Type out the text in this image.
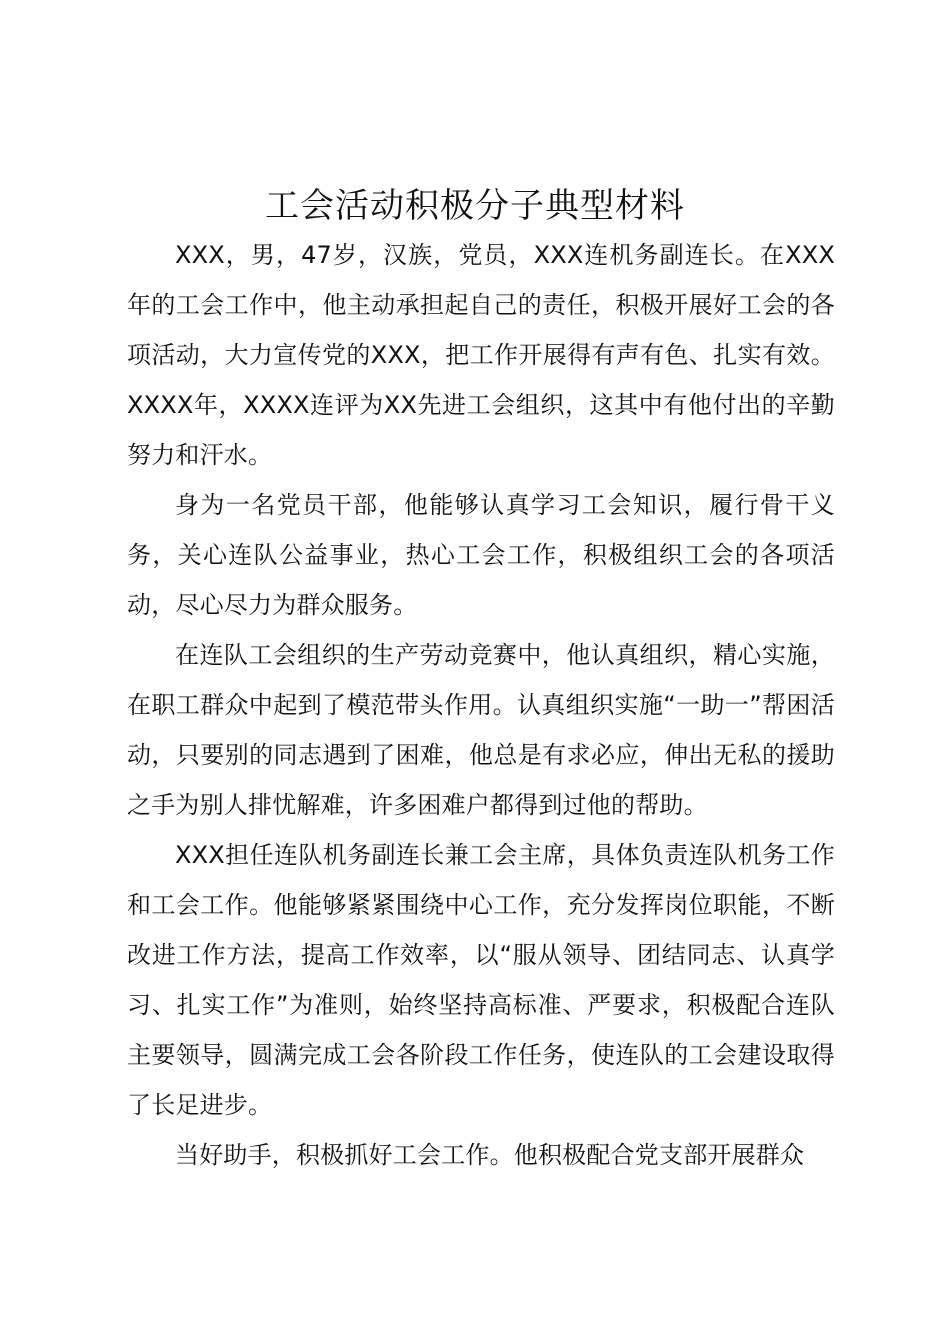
工会活动积极分子典型材料

XXX，男，47岁，汉族，党员，XXX连机务副连长。在XXX年的工会工作中，他主动承担起自己的责任，积极开展好工会的各项活动，大力宣传党的XXX，把工作开展得有声有色、扎实有效。XXXX年，XXXX连评为XX先进工会组织，这其中有他付出的辛勤努力和汗水。

身为一名党员干部，他能够认真学习工会知识，履行骨干义务，关心连队公益事业，热心工会工作，积极组织工会的各项活动，尽心尽力为群众服务。

在连队工会组织的生产劳动竞赛中，他认真组织，精心实施，在职工群众中起到了模范带头作用。认真组织实施“一助一”帮困活动，只要别的同志遇到了困难，他总是有求必应，伸出无私的援助之手为别人排忧解难，许多困难户都得到过他的帮助。

XXX担任连队机务副连长兼工会主席，具体负责连队机务工作和工会工作。他能够紧紧围绕中心工作，充分发挥岗位职能，不断改进工作方法，提高工作效率，以“服从领导、团结同志、认真学习、扎实工作”为准则，始终坚持高标准、严要求，积极配合连队主要领导，圆满完成工会各阶段工作任务，使连队的工会建设取得了长足进步。

当好助手，积极抓好工会工作。他积极配合党支部开展群众
